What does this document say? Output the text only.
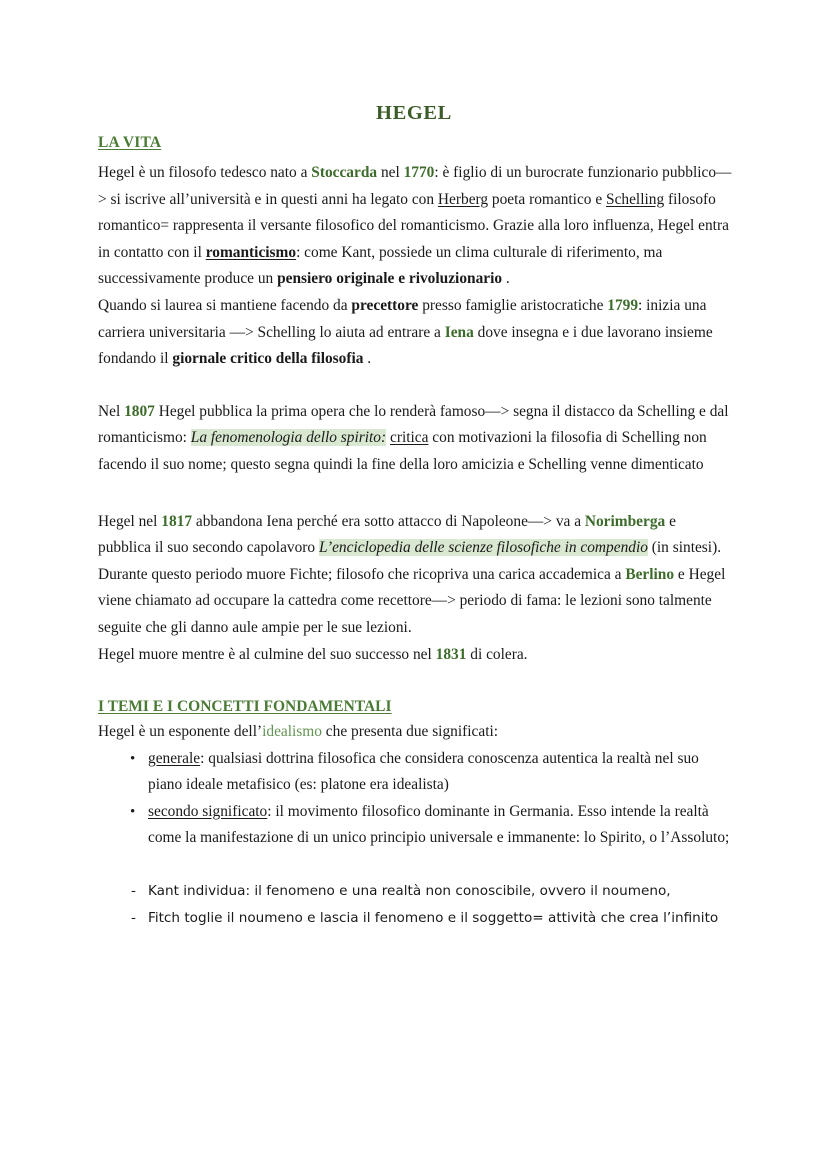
HEGEL
LA VITA

Hegel è un filosofo tedesco nato a Stoccarda nel 1770: è figlio di un burocrate funzionario pubblico—> si iscrive all’università e in questi anni ha legato con Herberg poeta romantico e Schelling filosofo romantico= rappresenta il versante filosofico del romanticismo. Grazie alla loro influenza, Hegel entra in contatto con il romanticismo: come Kant, possiede un clima culturale di riferimento, ma successivamente produce un pensiero originale e rivoluzionario .

Quando si laurea si mantiene facendo da precettore presso famiglie aristocratiche 1799: inizia una carriera universitaria —> Schelling lo aiuta ad entrare a Iena dove insegna e i due lavorano insieme fondando il giornale critico della filosofia .

Nel 1807 Hegel pubblica la prima opera che lo renderà famoso—> segna il distacco da Schelling e dal romanticismo: La fenomenologia dello spirito: critica con motivazioni la filosofia di Schelling non facendo il suo nome; questo segna quindi la fine della loro amicizia e Schelling venne dimenticato

Hegel nel 1817 abbandona Iena perché era sotto attacco di Napoleone—> va a Norimberga e pubblica il suo secondo capolavoro L’enciclopedia delle scienze filosofiche in compendio (in sintesi). Durante questo periodo muore Fichte; filosofo che ricopriva una carica accademica a Berlino e Hegel viene chiamato ad occupare la cattedra come recettore—> periodo di fama: le lezioni sono talmente seguite che gli danno aule ampie per le sue lezioni.

Hegel muore mentre è al culmine del suo successo nel 1831 di colera.

I TEMI E I CONCETTI FONDAMENTALI

Hegel è un esponente dell’idealismo che presenta due significati:

• generale: qualsiasi dottrina filosofica che considera conoscenza autentica la realtà nel suo piano ideale metafisico (es: platone era idealista)
• secondo significato: il movimento filosofico dominante in Germania. Esso intende la realtà come la manifestazione di un unico principio universale e immanente: lo Spirito, o l’Assoluto;
- Kant individua: il fenomeno e una realtà non conoscibile, ovvero il noumeno,
- Fitch toglie il noumeno e lascia il fenomeno e il soggetto= attività che crea l’infinito
